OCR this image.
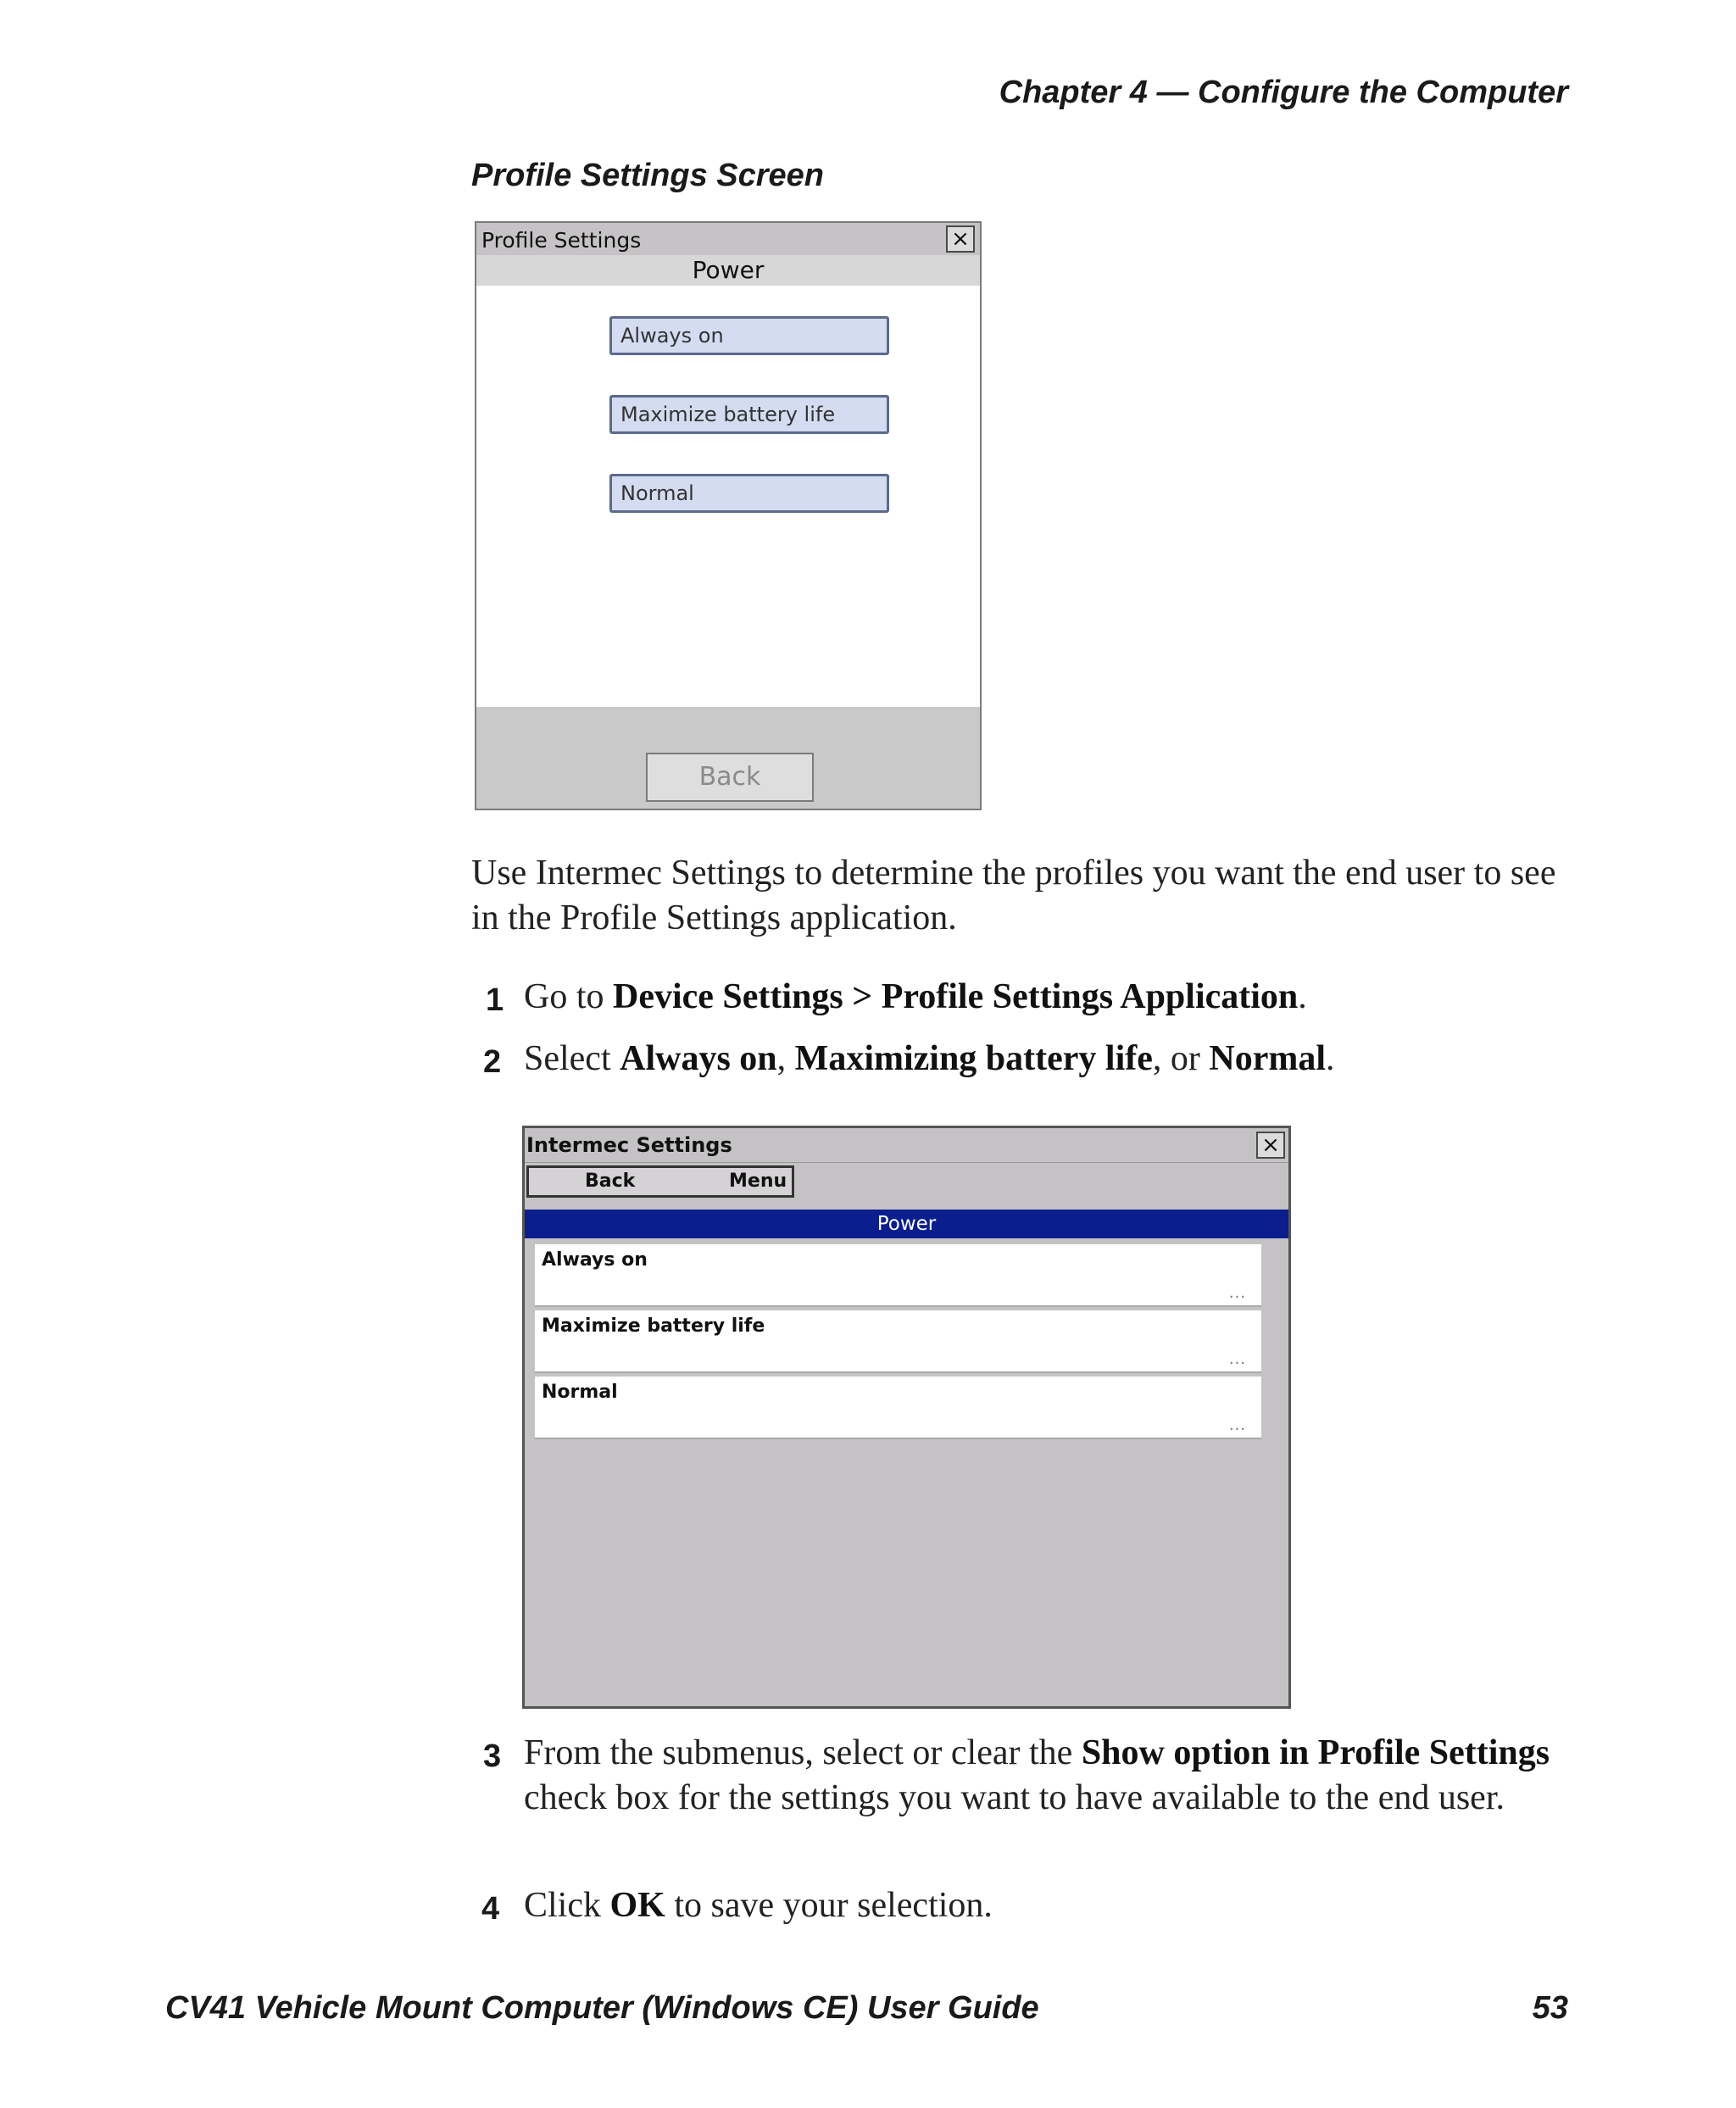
Chapter 4 — Configure the Computer
Profile Settings Screen
Profile Settings	×
Power
Always on
Maximize battery life
Normal
Back
Use Intermec Settings to determine the profiles you want the end user to see in the Profile Settings application.
1 Go to Device Settings > Profile Settings Application.
2 Select Always on, Maximizing battery life, or Normal.
Intermec Settings	×
Back	Menu
Power
Always on
...
Maximize battery life
...
Normal
...
3 From the submenus, select or clear the Show option in Profile Settings check box for the settings you want to have available to the end user.
4 Click OK to save your selection.
CV41 Vehicle Mount Computer (Windows CE) User Guide	53
